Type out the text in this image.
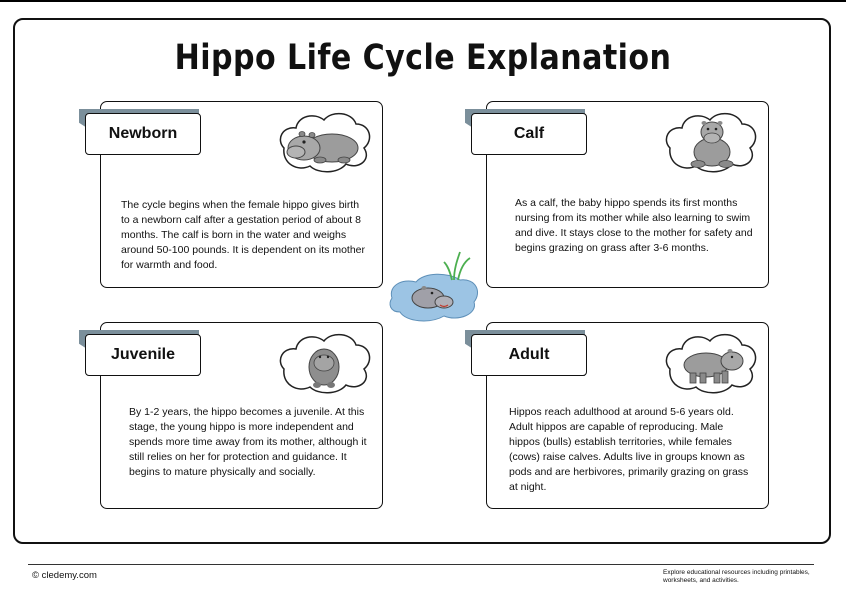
Hippo Life Cycle Explanation
Newborn
The cycle begins when the female hippo gives birth to a newborn calf after a gestation period of about 8 months. The calf is born in the water and weighs around 50-100 pounds. It is dependent on its mother for warmth and food.
Calf
As a calf, the baby hippo spends its first months nursing from its mother while also learning to swim and dive. It stays close to the mother for safety and begins grazing on grass after 3-6 months.
Juvenile
By 1-2 years, the hippo becomes a juvenile. At this stage, the young hippo is more independent and spends more time away from its mother, although it still relies on her for protection and guidance. It begins to mature physically and socially.
Adult
Hippos reach adulthood at around 5-6 years old. Adult hippos are capable of reproducing. Male hippos (bulls) establish territories, while females (cows) raise calves. Adults live in groups known as pods and are herbivores, primarily grazing on grass at night.
© cledemy.com	Explore educational resources including printables, worksheets, and activities.
